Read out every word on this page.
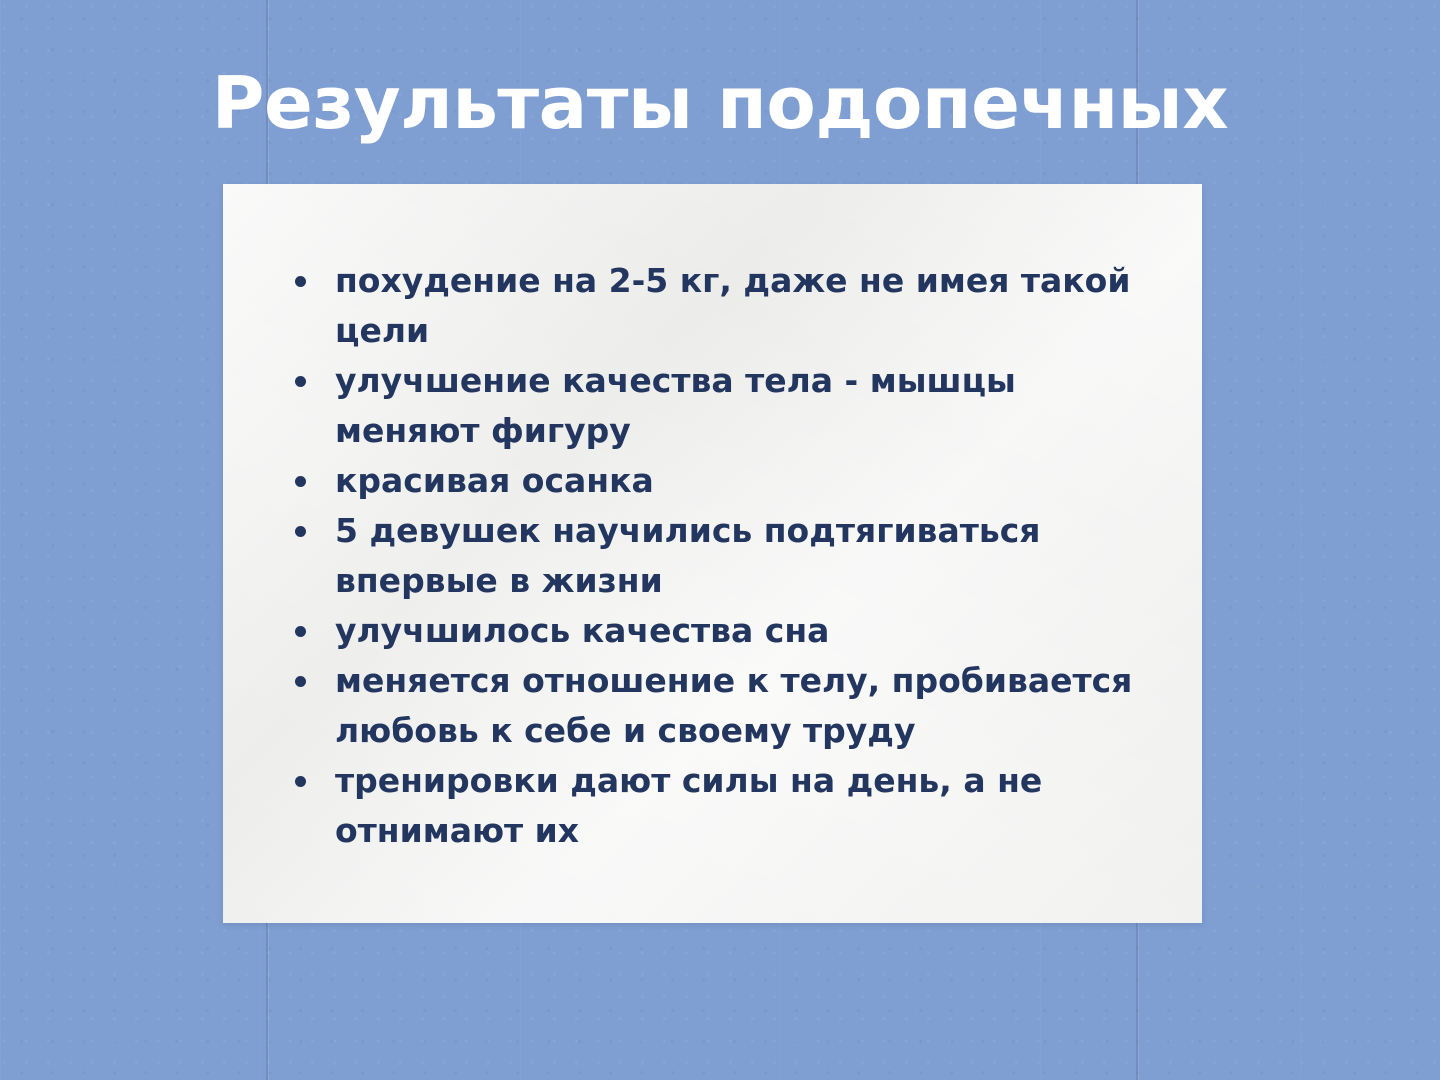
Результаты подопечных
похудение на 2-5 кг, даже не имея такой цели
улучшение качества тела - мышцы меняют фигуру
красивая осанка
5 девушек научились подтягиваться впервые в жизни
улучшилось качества сна
меняется отношение к телу, пробивается любовь к себе и своему труду
тренировки дают силы на день, а не отнимают их
